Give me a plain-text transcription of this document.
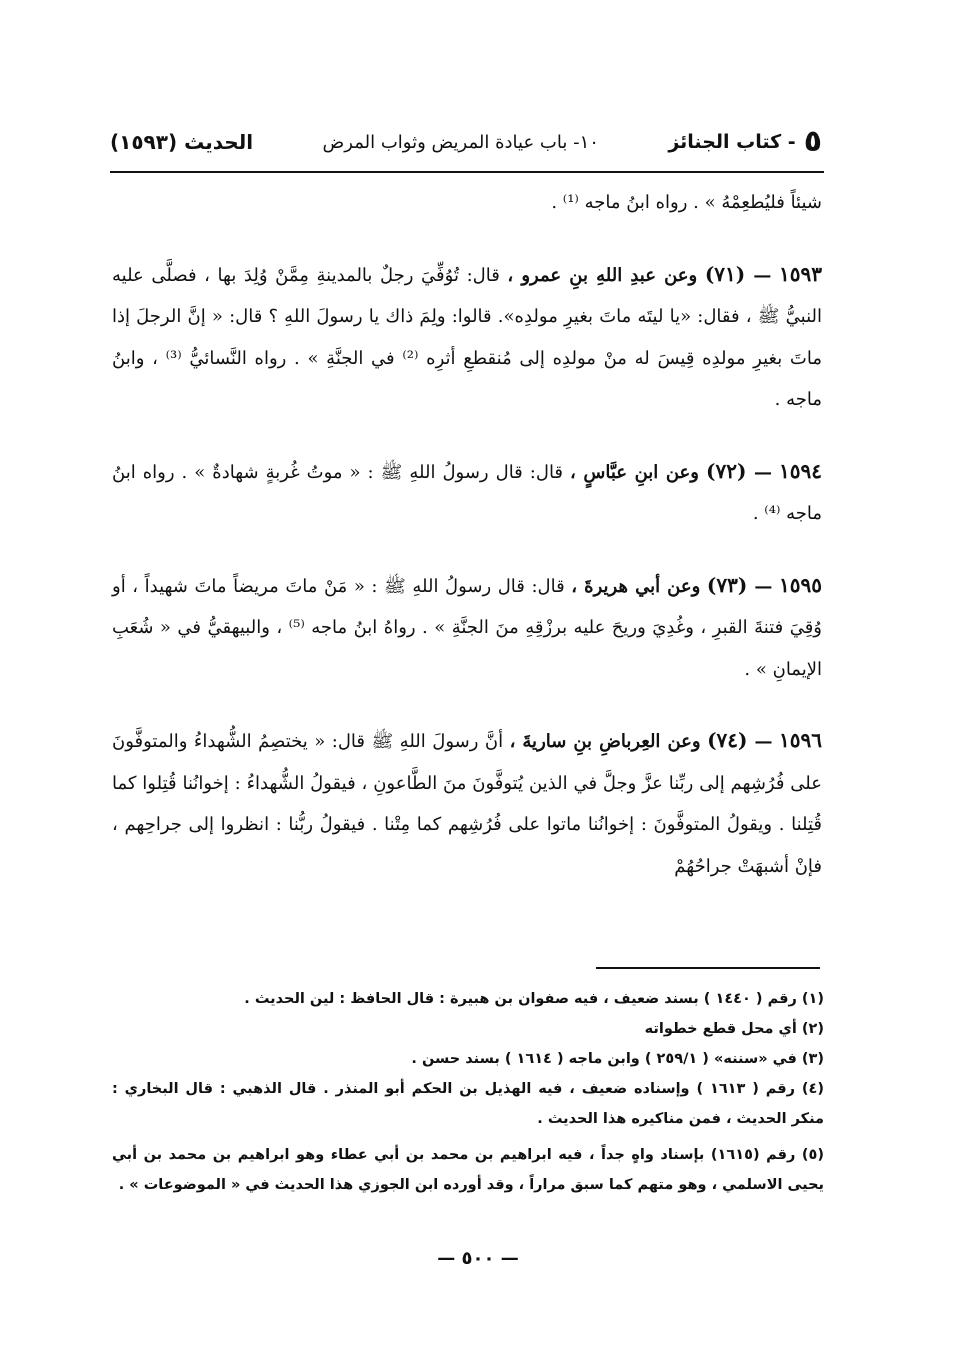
٥
- كتاب الجنائز
١٠- باب عيادة المريض وثواب المرض
الحديث (١٥٩٣)

شيئاً فليُطعِمْهُ » . رواه ابنُ ماجه ⁽¹⁾ .

١٥٩٣ — (٧١) وعن عبدِ اللهِ بنِ عمرو ، قال: تُوُفِّيَ رجلٌ بالمدينةِ مِمَّنْ وُلِدَ بها ، فصلَّى عليه النبيُّ ﷺ ، فقال: «يا ليتَه ماتَ بغيرِ مولدِه». قالوا: ولِمَ ذاك يا رسولَ اللهِ ؟ قال: « إنَّ الرجلَ إذا ماتَ بغيرِ مولدِه قِيسَ له منْ مولدِه إلى مُنقطعِ أثرِه ⁽²⁾ في الجنَّةِ » . رواه النَّسائيُّ ⁽³⁾ ، وابنُ ماجه .

١٥٩٤ — (٧٢) وعن ابنِ عبَّاسٍ ، قال: قال رسولُ اللهِ ﷺ : « موتُ غُربةٍ شهادةٌ » . رواه ابنُ ماجه ⁽⁴⁾ .

١٥٩٥ — (٧٣) وعن أبي هريرةَ ، قال: قال رسولُ اللهِ ﷺ : « مَنْ ماتَ مريضاً ماتَ شهيداً ، أو وُقِيَ فتنةَ القبرِ ، وغُدِيَ وريحَ عليه برزْقِهِ منَ الجنَّةِ » . رواهُ ابنُ ماجه ⁽⁵⁾ ، والبيهقيُّ في « شُعَبِ الإيمانِ » .

١٥٩٦ — (٧٤) وعن العِرباضِ بنِ ساريةَ ، أنَّ رسولَ اللهِ ﷺ قال: « يختصِمُ الشُّهداءُ والمتوفَّونَ على فُرُشِهم إلى ربِّنا عزَّ وجلَّ في الذين يُتوفَّونَ منَ الطَّاعونِ ، فيقولُ الشُّهداءُ : إخوانُنا قُتِلوا كما قُتِلنا . ويقولُ المتوفَّونَ : إخوانُنا ماتوا على فُرُشِهم كما مِتْنا . فيقولُ ربُّنا : انظروا إلى جراحِهم ، فإنْ أشبهَتْ جراحُهُمْ

(١) رقم ( ١٤٤٠ ) بسند ضعيف ، فيه صفوان بن هبيرة : قال الحافظ : لين الحديث .

(٢) أي محل قطع خطواته

(٣) في «سننه» ( ٢٥٩/١ ) وابن ماجه ( ١٦١٤ ) بسند حسن .

(٤) رقم ( ١٦١٣ ) وإسناده ضعيف ، فيه الهذيل بن الحكم أبو المنذر . قال الذهبي : قال البخاري : منكر الحديث ، فمن مناكيره هذا الحديث .

(٥) رقم (١٦١٥) بإسناد واهٍ جداً ، فيه ابراهيم بن محمد بن أبي عطاء وهو ابراهيم بن محمد بن أبي يحيى الاسلمي ، وهو متهم كما سبق مراراً ، وقد أورده ابن الجوزي هذا الحديث في « الموضوعات » .

— ٥٠٠ —
